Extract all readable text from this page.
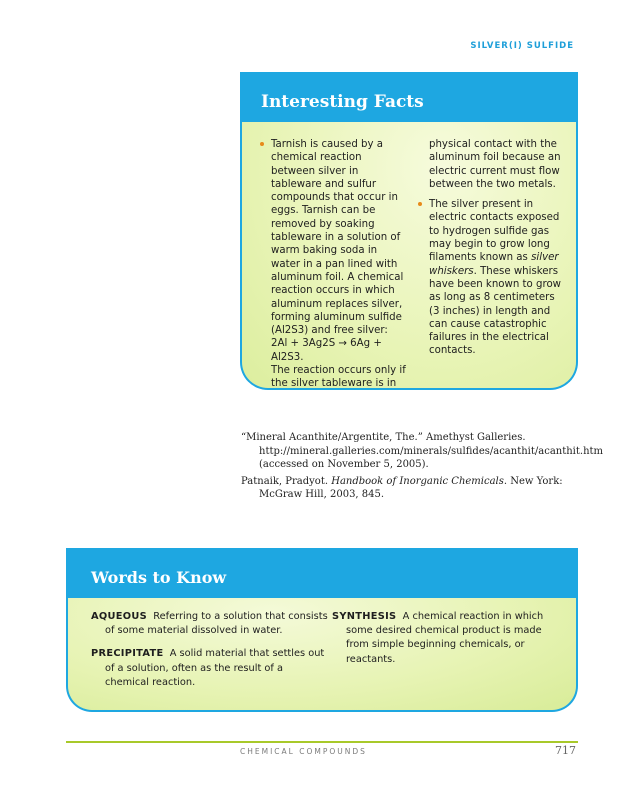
SILVER(I) SULFIDE
Interesting Facts
Tarnish is caused by a chemical reaction between silver in tableware and sulfur compounds that occur in eggs. Tarnish can be removed by soaking tableware in a solution of warm baking soda in water in a pan lined with aluminum foil. A chemical reaction occurs in which aluminum replaces silver, forming aluminum sulfide (Al2S3) and free silver:
2Al + 3Ag2S → 6Ag + Al2S3.
The reaction occurs only if the silver tableware is in
physical contact with the aluminum foil because an electric current must flow between the two metals.
The silver present in electric contacts exposed to hydrogen sulfide gas may begin to grow long filaments known as silver whiskers. These whiskers have been known to grow as long as 8 centimeters (3 inches) in length and can cause catastrophic failures in the electrical contacts.

“Mineral Acanthite/Argentite, The.” Amethyst Galleries. http://mineral.galleries.com/minerals/sulfides/acanthit/acanthit.htm (accessed on November 5, 2005).

Patnaik, Pradyot. Handbook of Inorganic Chemicals. New York: McGraw Hill, 2003, 845.

Words to Know

AQUEOUS Referring to a solution that consists of some material dissolved in water.

PRECIPITATE A solid material that settles out of a solution, often as the result of a chemical reaction.

SYNTHESIS A chemical reaction in which some desired chemical product is made from simple beginning chemicals, or reactants.

CHEMICAL COMPOUNDS	717
